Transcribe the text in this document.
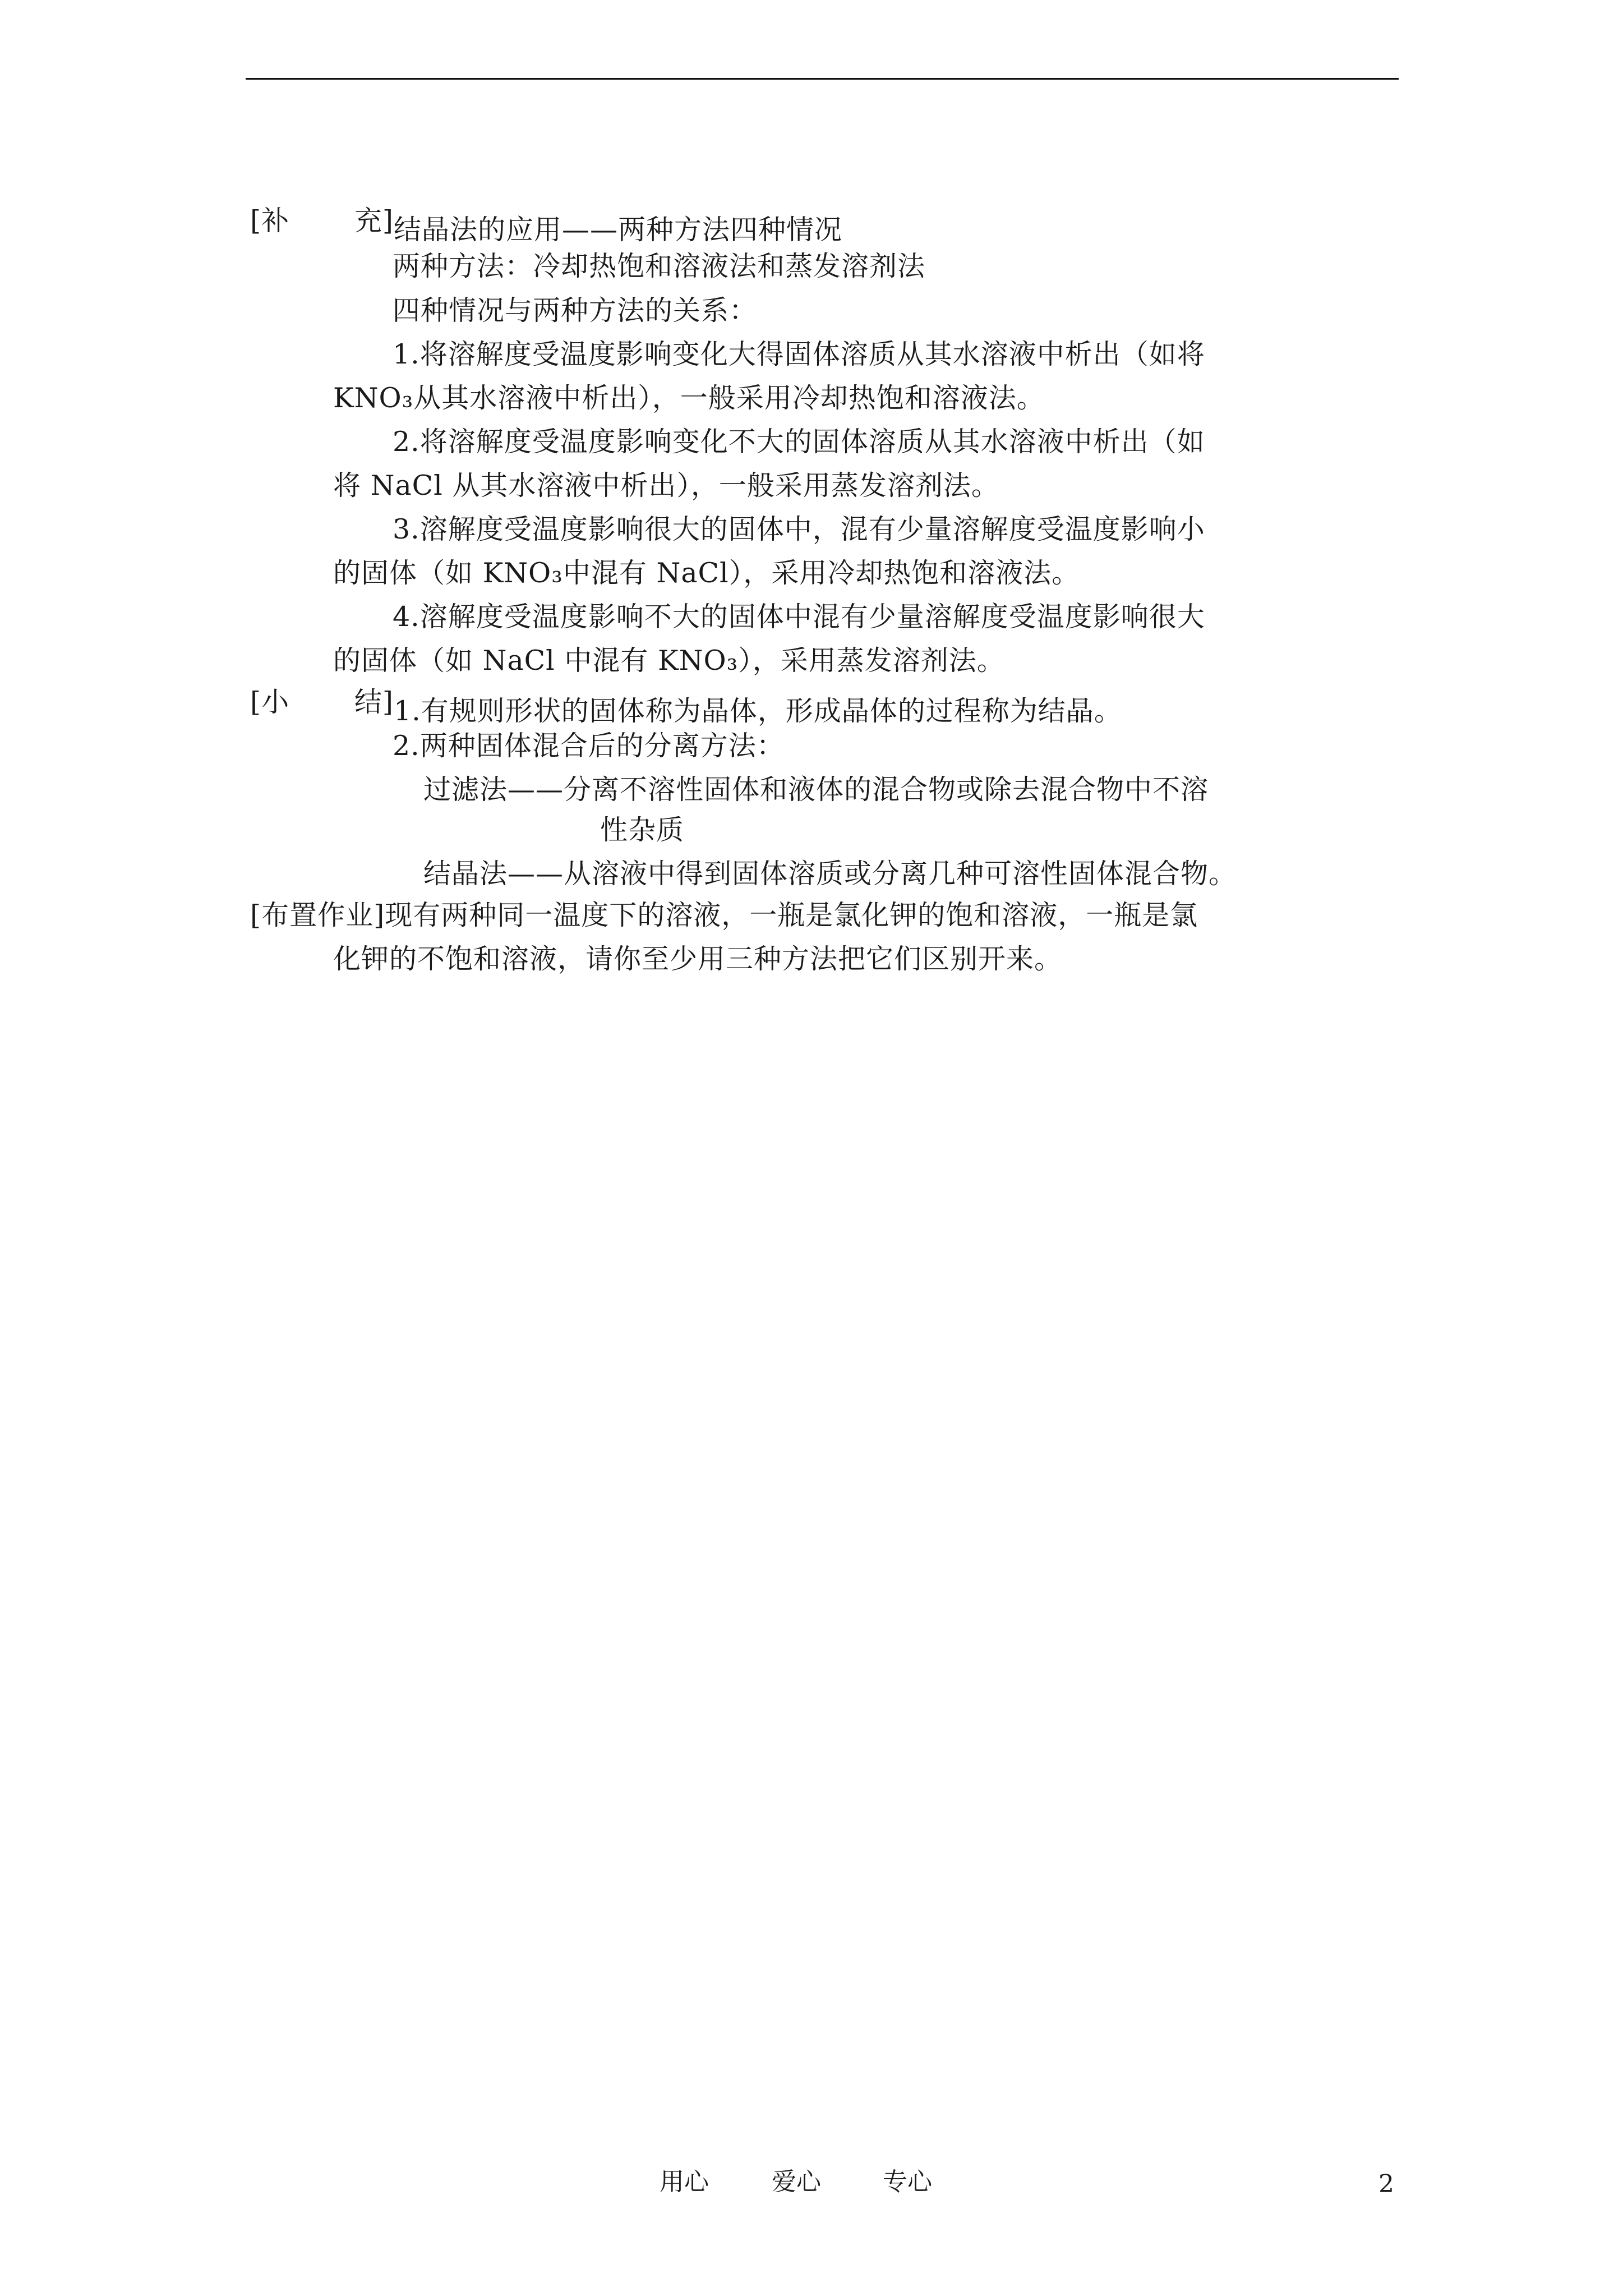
[补 充] 结晶法的应用——两种方法四种情况
两种方法：冷却热饱和溶液法和蒸发溶剂法
四种情况与两种方法的关系：
1.将溶解度受温度影响变化大得固体溶质从其水溶液中析出（如将
KNO₃从其水溶液中析出），一般采用冷却热饱和溶液法。
2.将溶解度受温度影响变化不大的固体溶质从其水溶液中析出（如
将 NaCl 从其水溶液中析出），一般采用蒸发溶剂法。
3.溶解度受温度影响很大的固体中，混有少量溶解度受温度影响小
的固体（如 KNO₃中混有 NaCl），采用冷却热饱和溶液法。
4.溶解度受温度影响不大的固体中混有少量溶解度受温度影响很大
的固体（如 NaCl 中混有 KNO₃），采用蒸发溶剂法。
[小 结] 1.有规则形状的固体称为晶体，形成晶体的过程称为结晶。
2.两种固体混合后的分离方法：
过滤法——分离不溶性固体和液体的混合物或除去混合物中不溶
性杂质
结晶法——从溶液中得到固体溶质或分离几种可溶性固体混合物。
[布置作业]现有两种同一温度下的溶液，一瓶是氯化钾的饱和溶液，一瓶是氯
化钾的不饱和溶液，请你至少用三种方法把它们区别开来。
用心	爱心	专心	2
